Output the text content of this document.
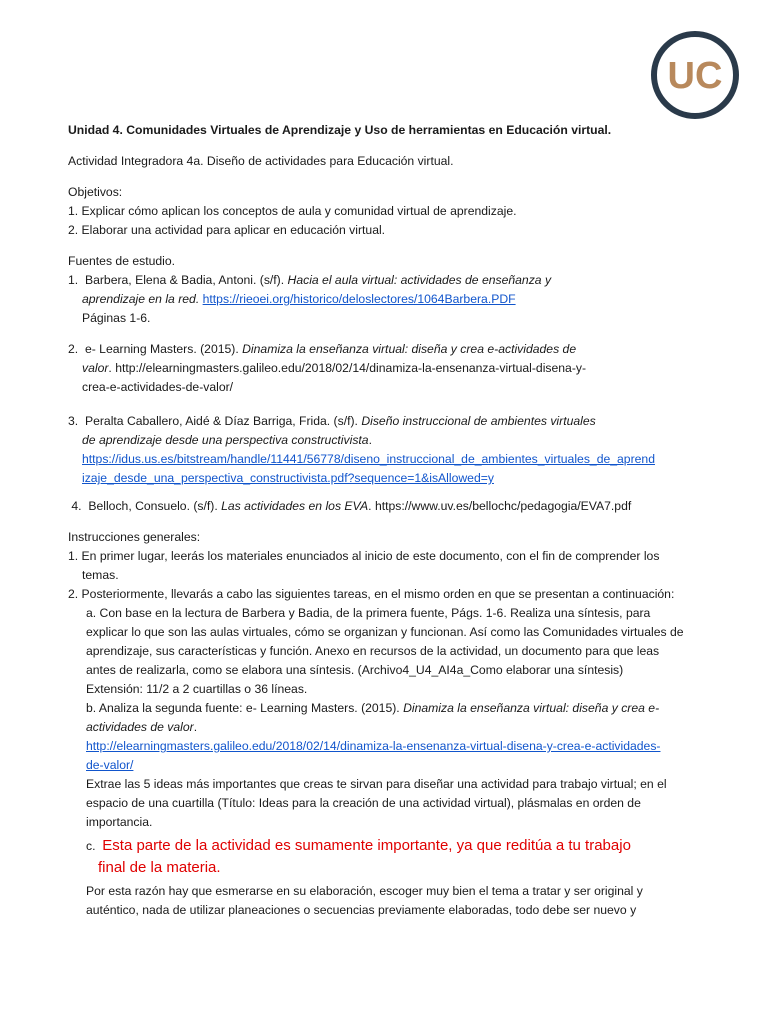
UC

Unidad 4. Comunidades Virtuales de Aprendizaje y Uso de herramientas en Educación virtual.

Actividad Integradora 4a. Diseño de actividades para Educación virtual.

Objetivos:

1. Explicar cómo aplican los conceptos de aula y comunidad virtual de aprendizaje.

2. Elaborar una actividad para aplicar en educación virtual.

Fuentes de estudio.

1. Barbera, Elena & Badia, Antoni. (s/f). Hacia el aula virtual: actividades de enseñanza y

aprendizaje en la red. https://rieoei.org/historico/deloslectores/1064Barbera.PDF

Páginas 1-6.

2. e- Learning Masters. (2015). Dinamiza la enseñanza virtual: diseña y crea e-actividades de

valor. http://elearningmasters.galileo.edu/2018/02/14/dinamiza-la-ensenanza-virtual-disena-y-

crea-e-actividades-de-valor/

3. Peralta Caballero, Aidé & Díaz Barriga, Frida. (s/f). Diseño instruccional de ambientes virtuales

de aprendizaje desde una perspectiva constructivista.

https://idus.us.es/bitstream/handle/11441/56778/diseno_instruccional_de_ambientes_virtuales_de_aprend

izaje_desde_una_perspectiva_constructivista.pdf?sequence=1&isAllowed=y

4. Belloch, Consuelo. (s/f). Las actividades en los EVA. https://www.uv.es/bellochc/pedagogia/EVA7.pdf

Instrucciones generales:

1. En primer lugar, leerás los materiales enunciados al inicio de este documento, con el fin de comprender los

temas.

2. Posteriormente, llevarás a cabo las siguientes tareas, en el mismo orden en que se presentan a continuación:

a. Con base en la lectura de Barbera y Badia, de la primera fuente, Págs. 1-6. Realiza una síntesis, para

explicar lo que son las aulas virtuales, cómo se organizan y funcionan. Así como las Comunidades virtuales de

aprendizaje, sus características y función. Anexo en recursos de la actividad, un documento para que leas

antes de realizarla, como se elabora una síntesis. (Archivo4_U4_AI4a_Como elaborar una síntesis)

Extensión: 11/2 a 2 cuartillas o 36 líneas.

b. Analiza la segunda fuente: e- Learning Masters. (2015). Dinamiza la enseñanza virtual: diseña y crea e-

actividades de valor.

http://elearningmasters.galileo.edu/2018/02/14/dinamiza-la-ensenanza-virtual-disena-y-crea-e-actividades-

de-valor/

Extrae las 5 ideas más importantes que creas te sirvan para diseñar una actividad para trabajo virtual; en el

espacio de una cuartilla (Título: Ideas para la creación de una actividad virtual), plásmalas en orden de

importancia.

c. Esta parte de la actividad es sumamente importante, ya que reditúa a tu trabajo

final de la materia.

Por esta razón hay que esmerarse en su elaboración, escoger muy bien el tema a tratar y ser original y

auténtico, nada de utilizar planeaciones o secuencias previamente elaboradas, todo debe ser nuevo y
